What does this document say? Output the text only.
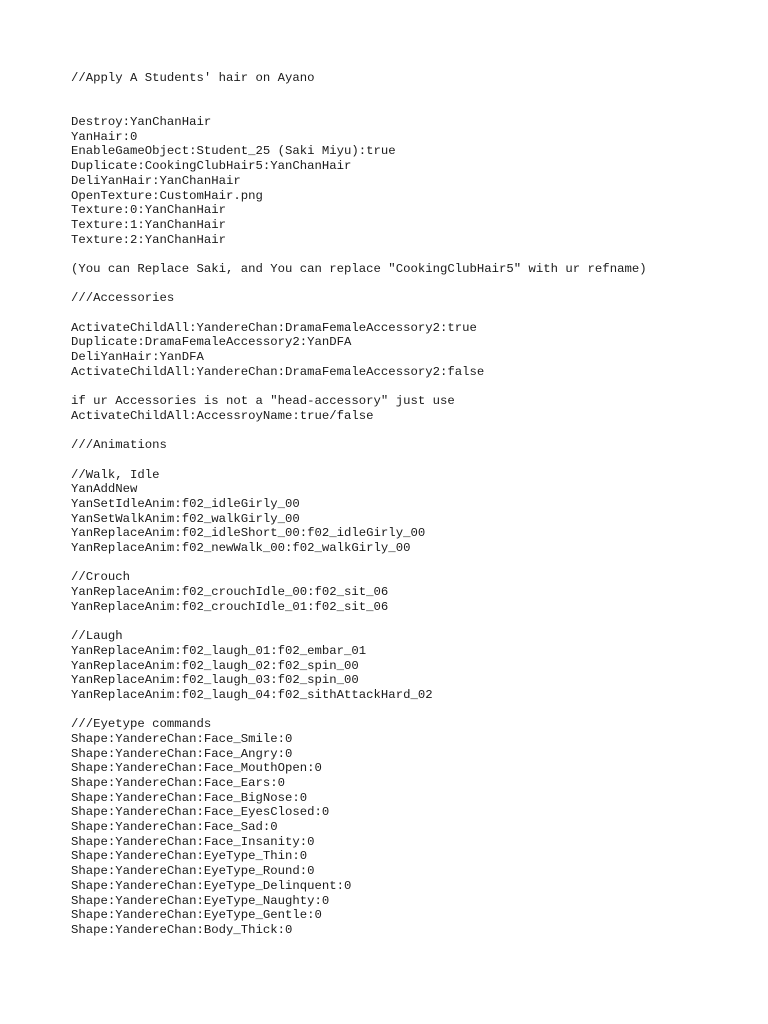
//Apply A Students' hair on Ayano
Destroy:YanChanHair
YanHair:0
EnableGameObject:Student_25 (Saki Miyu):true
Duplicate:CookingClubHair5:YanChanHair
DeliYanHair:YanChanHair
OpenTexture:CustomHair.png
Texture:0:YanChanHair
Texture:1:YanChanHair
Texture:2:YanChanHair
(You can Replace Saki, and You can replace "CookingClubHair5" with ur refname)
///Accessories
ActivateChildAll:YandereChan:DramaFemaleAccessory2:true
Duplicate:DramaFemaleAccessory2:YanDFA
DeliYanHair:YanDFA
ActivateChildAll:YandereChan:DramaFemaleAccessory2:false
if ur Accessories is not a "head-accessory" just use
ActivateChildAll:AccessroyName:true/false
///Animations
//Walk, Idle
YanAddNew
YanSetIdleAnim:f02_idleGirly_00
YanSetWalkAnim:f02_walkGirly_00
YanReplaceAnim:f02_idleShort_00:f02_idleGirly_00
YanReplaceAnim:f02_newWalk_00:f02_walkGirly_00
//Crouch
YanReplaceAnim:f02_crouchIdle_00:f02_sit_06
YanReplaceAnim:f02_crouchIdle_01:f02_sit_06
//Laugh
YanReplaceAnim:f02_laugh_01:f02_embar_01
YanReplaceAnim:f02_laugh_02:f02_spin_00
YanReplaceAnim:f02_laugh_03:f02_spin_00
YanReplaceAnim:f02_laugh_04:f02_sithAttackHard_02
///Eyetype commands
Shape:YandereChan:Face_Smile:0
Shape:YandereChan:Face_Angry:0
Shape:YandereChan:Face_MouthOpen:0
Shape:YandereChan:Face_Ears:0
Shape:YandereChan:Face_BigNose:0
Shape:YandereChan:Face_EyesClosed:0
Shape:YandereChan:Face_Sad:0
Shape:YandereChan:Face_Insanity:0
Shape:YandereChan:EyeType_Thin:0
Shape:YandereChan:EyeType_Round:0
Shape:YandereChan:EyeType_Delinquent:0
Shape:YandereChan:EyeType_Naughty:0
Shape:YandereChan:EyeType_Gentle:0
Shape:YandereChan:Body_Thick:0
